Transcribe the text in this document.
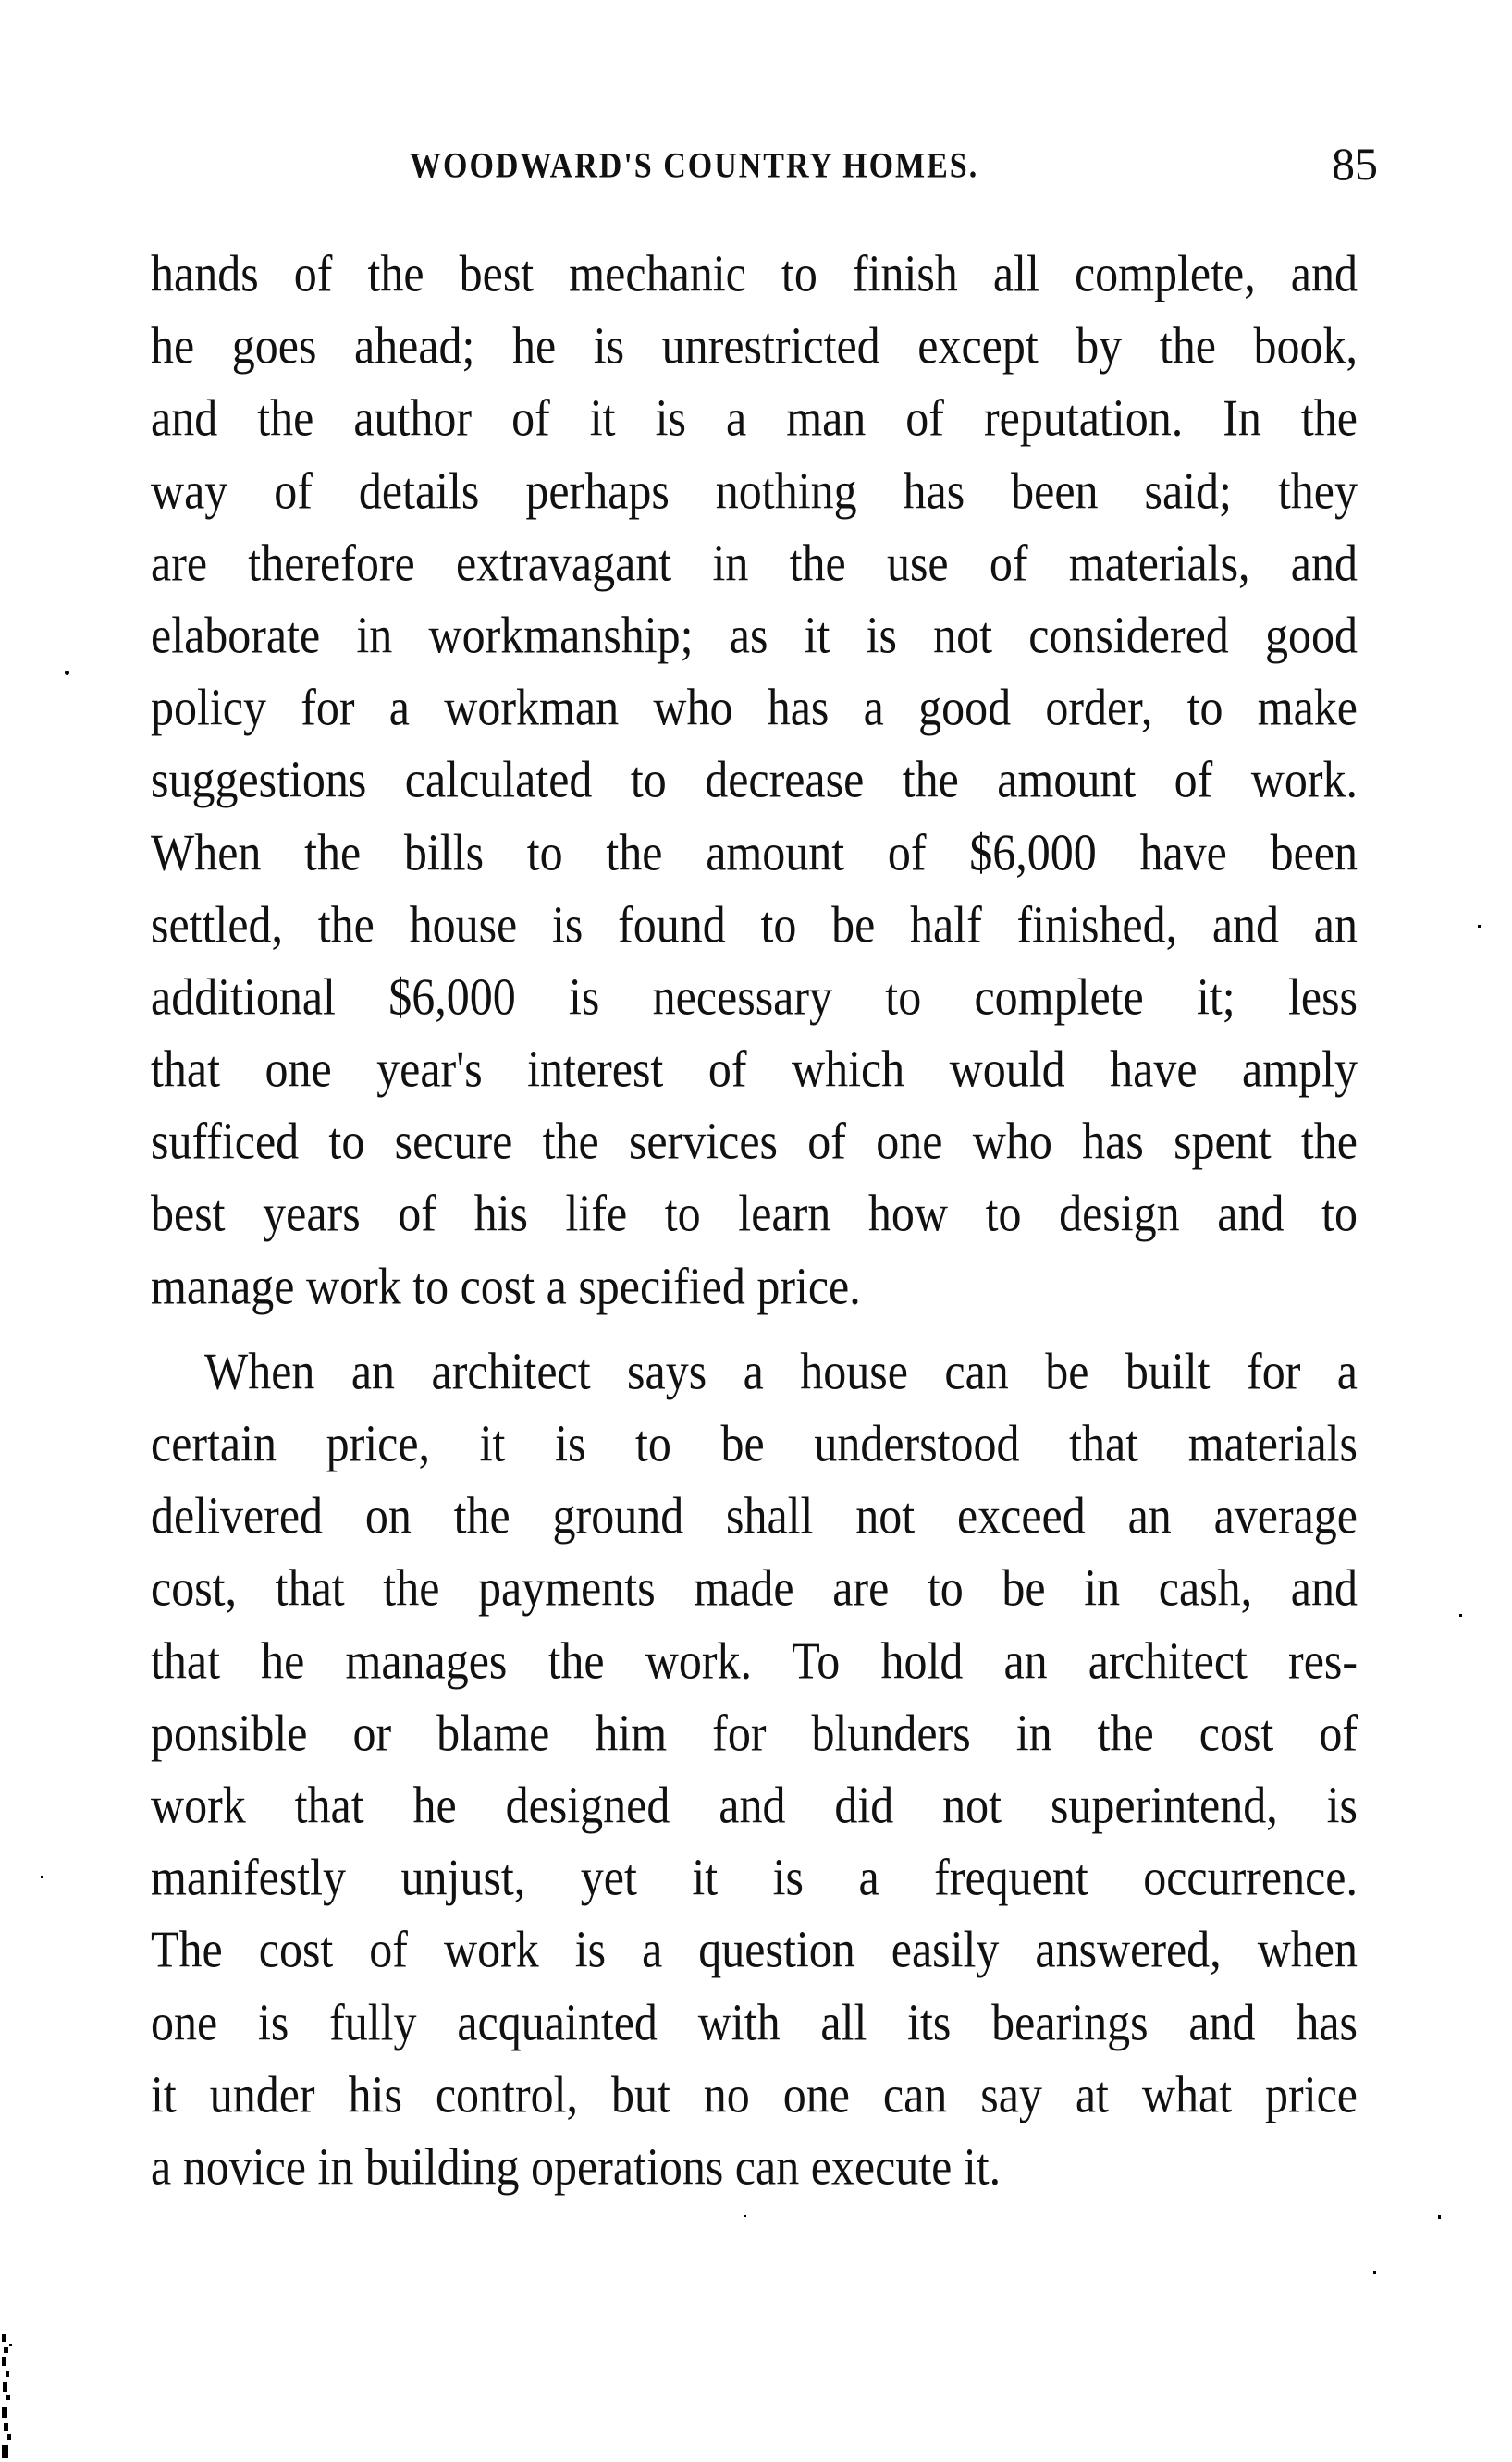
WOODWARD'S COUNTRY HOMES.	85
hands of the best mechanic to finish all complete, and
he goes ahead; he is unrestricted except by the book,
and the author of it is a man of reputation. In the
way of details perhaps nothing has been said; they
are therefore extravagant in the use of materials, and
elaborate in workmanship; as it is not considered good
policy for a workman who has a good order, to make
suggestions calculated to decrease the amount of work.
When the bills to the amount of $6,000 have been
settled, the house is found to be half finished, and an
additional $6,000 is necessary to complete it; less
that one year's interest of which would have amply
sufficed to secure the services of one who has spent the
best years of his life to learn how to design and to
manage work to cost a specified price.
When an architect says a house can be built for a
certain price, it is to be understood that materials
delivered on the ground shall not exceed an average
cost, that the payments made are to be in cash, and
that he manages the work. To hold an architect res-
ponsible or blame him for blunders in the cost of
work that he designed and did not superintend, is
manifestly unjust, yet it is a frequent occurrence.
The cost of work is a question easily answered, when
one is fully acquainted with all its bearings and has
it under his control, but no one can say at what price
a novice in building operations can execute it.
